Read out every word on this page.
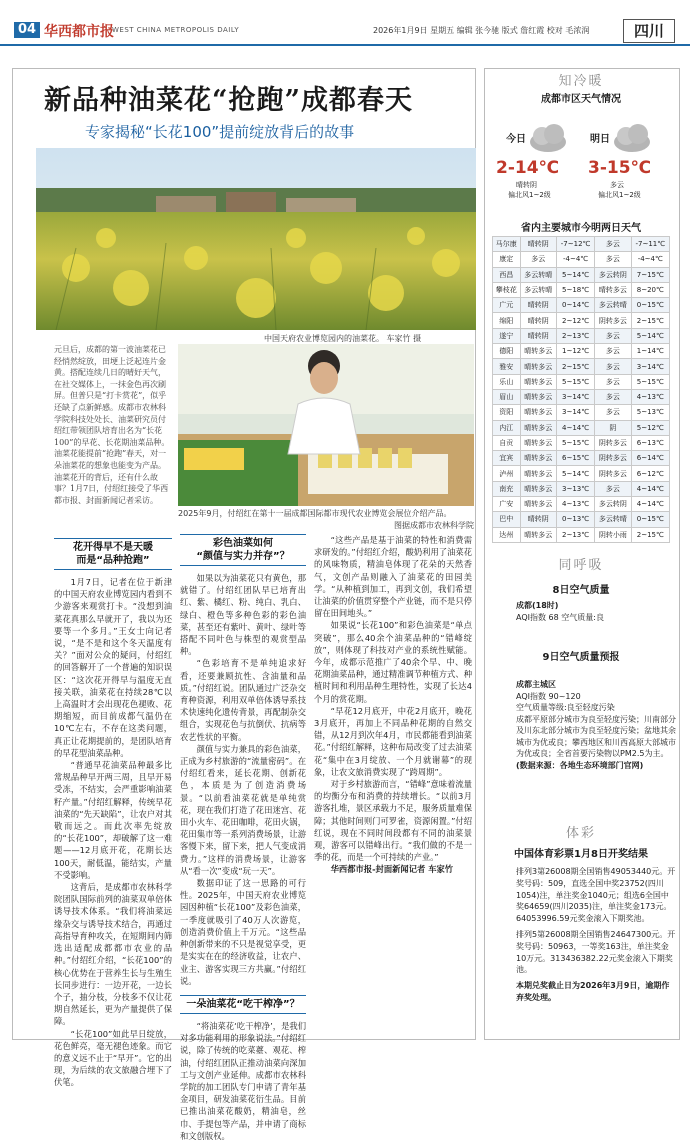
04 华西都市报
WEST CHINA METROPOLIS DAILY	2026年1月9日 星期五 编辑 张今驰 版式 詹红霞 校对 毛浓润	四川
新品种油菜花“抢跑”成都春天
专家揭秘“长花100”提前绽放背后的故事
中国天府农业博览园内的油菜花。 车家竹 摄
2025年9月，付绍红在第十一届成都国际都市现代农业博览会展位介绍产品。
图据成都市农林科学院
元旦后，成都的第一波油菜花已经悄然绽放，田埂上泛起连片金黄。搭配连续几日的晴好天气，在社交媒体上，一抹金色再次刷屏。但普只是“打卡赏花”，似乎还缺了点新鲜感。成都市农林科学院科技处处长、油菜研究员付绍红带领团队培育出名为“长花100”的早花、长花期油菜品种。油菜花能提前“抢跑”春天，对一朵油菜花的想象也能变为产品。油菜花开的背后，还有什么故事？1月7日，付绍红接受了华西都市报、封面新闻记者采访。
花开得早不是天暖
而是“品种抢跑”

1月7日，记者在位于新津的中国天府农业博览园内看到不少游客来观赏打卡。“没想到油菜花真那么早就开了，我以为还要等一个多月。”王女士向记者说，“是不是和这个冬天温度有关？”面对公众的疑问，付绍红的回答解开了一个普遍的知识误区：“这次花开得早与温度无直接关联，油菜花在持续28℃以上高温时才会出现花色褪败、花期缩短，而目前成都气温仍在10℃左右，不存在这类问题，真正让花期提前的，是团队培育的早花型油菜品种。

“普通早花油菜品种最多比常规品种早开两三周，且早开易受冻，不结实，会严重影响油菜籽产量。”付绍红解释，传统早花油菜的“先天缺陷”，让农户对其敬而远之。而此次率先绽放的“长花100”，却破解了这一难题——12月底开花，花期长达100天，耐低温，能结实，产量不受影响。

这背后，是成都市农林科学院团队国际前列的油菜双单倍体诱导技术体系。“我们将油菜远缘杂交与诱导技术结合，再通过高指导育种攻关，在短期间内筛选出适配成都都市农业的品种。”付绍红介绍，“长花100”的核心优势在于营养生长与生殖生长同步进行：一边开花，一边长个子，抽分枝，分枝多不仅让花期自然延长，更为产量提供了保障。

“长花100”如此早日绽放，花色鲜亮，毫无褪色迹象。而它的意义远不止于“早开”。它的出现，为后续的农文旅融合埋下了伏笔。

彩色油菜如何
“颜值与实力并存”？

如果以为油菜花只有黄色，那就错了。付绍红团队早已培育出红、紫、橘红、粉、纯白、乳白、绿白、橙色等多种色彩的彩色油菜，甚至还有紫叶、黄叶、绿叶等搭配不同叶色与株型的观赏型品种。

“色彩培育不是单纯追求好看，还要兼顾抗性、含油量和品质。”付绍红说。团队通过广泛杂交育种资源，利用双单倍体诱导系技术快速纯化遗传背景，再配制杂交组合，实现花色与抗倒伏、抗病等农艺性状的平衡。

颜值与实力兼具的彩色油菜，正成为乡村旅游的“流量密码”。在付绍红看来，延长花期、创新花色，本质是为了创造消费场景。“以前看油菜花就是单纯赏花，现在我们打造了花田迷宫、花田小火车、花田咖啡，花田火锅，花田集市等一系列消费场景，让游客慢下来，留下来，把人气变成消费力。”这样的消费场景，让游客从“看一次”变成“玩一天”。

数据印证了这一思路的可行性。2025年，中国天府农业博览园因种植“长花100”及彩色油菜，一季度就吸引了40万人次游览，创造消费价值上千万元。“这些品种创新带来的不只是视觉享受，更是实实在在的经济收益，让农户、业主、游客实现三方共赢。”付绍红说。

一朵油菜花“吃干榨净”？

“将油菜花‘吃干榨净’，是我们对多功能利用的形象说法。”付绍红说，除了传统的吃菜薹、观花、榨油，付绍红团队正推动油菜向深加工与文创产业延伸。成都市农林科学院的加工团队专门申请了青年基金项目，研发油菜花衍生品。目前已推出油菜花酸奶，精油皂，丝巾、手提包等产品，并申请了商标和文创版权。

“这些产品是基于油菜的特性和消费需求研发的。”付绍红介绍，酸奶利用了油菜花的风味物质，精油皂体现了花朵的天然香气，文创产品则融入了油菜花的田园美学。“从种植到加工，再到文创，我们希望让油菜的价值贯穿整个产业链，而不是只停留在田间地头。”

如果说“长花100”和彩色油菜是“单点突破”，那么40余个油菜品种的“错峰绽放”，则体现了科技对产业的系统性赋能。今年，成都示范推广了40余个早、中、晚花期油菜品种，通过精准调节种植方式、种植时间和利用品种生理特性，实现了长达4个月的赏花期。

“早花12月底开，中花2月底开，晚花3月底开，再加上不同品种花期的自然交错，从12月到次年4月，市民都能看到油菜花。”付绍红解释，这种布局改变了过去油菜花“集中在3月绽放、一个月就谢幕”的现象，让农文旅消费实现了“跨周期”。

对于乡村旅游而言，“错峰”意味着流量的均衡分布和消费的持续增长。“以前3月游客扎堆，景区承载力不足，服务质量难保障；其他时间则门可罗雀，资源闲置。”付绍红说，现在不同时间段都有不同的油菜景观，游客可以错峰出行。“我们做的不是一季的花，而是一个可持续的产业。”

华西都市报-封面新闻记者 车家竹

知冷暖
成都市区天气情况
今日
2-14℃
晴转阴
偏北风1~2级
明日
3-15℃
多云
偏北风1~2级
省内主要城市今明两日天气
马尔康	晴转阴	-7~12℃	多云	-7~11℃
康定	多云	-4~4℃	多云	-4~4℃
西昌	多云转晴	5~14℃	多云转阴	7~15℃
攀枝花	多云转晴	5~18℃	晴转多云	8~20℃
广元	晴转阴	0~14℃	多云转晴	0~15℃
绵阳	晴转阴	2~12℃	阴转多云	2~15℃
遂宁	晴转阴	2~13℃	多云	5~14℃
德阳	晴转多云	1~12℃	多云	1~14℃
雅安	晴转多云	2~15℃	多云	3~14℃
乐山	晴转多云	5~15℃	多云	5~15℃
眉山	晴转多云	3~14℃	多云	4~13℃
资阳	晴转多云	3~14℃	多云	5~13℃
内江	晴转多云	4~14℃	阴	5~12℃
自贡	晴转多云	5~15℃	阴转多云	6~13℃
宜宾	晴转多云	6~15℃	阴转多云	6~14℃
泸州	晴转多云	5~14℃	阴转多云	6~12℃
南充	晴转多云	3~13℃	多云	4~14℃
广安	晴转多云	4~13℃	多云转阴	4~14℃
巴中	晴转阴	0~13℃	多云转晴	0~15℃
达州	晴转多云	2~13℃	阴转小雨	2~15℃
同呼吸
8日空气质量
成都(18时)
AQI指数 68 空气质量:良
9日空气质量预报
成都主城区
AQI指数 90~120
空气质量等级:良至轻度污染
成都平原部分城市为良至轻度污染；川南部分及川东北部分城市为良至轻度污染；盆地其余城市为优或良；攀西地区和川西高原大部城市为优或良；全省首要污染物以PM2.5为主。
(数据来源：各地生态环境部门官网)
体彩
中国体育彩票1月8日开奖结果

排列3第26008期全国销售49053440元。开奖号码：509，直选全国中奖23752(四川1054)注，单注奖金1040元；组选6全国中奖64659(四川2035)注，单注奖金173元。64053996.59元奖金滚入下期奖池。

排列5第26008期全国销售24647300元。开奖号码：50963，一等奖163注，单注奖金10万元。313436382.22元奖金滚入下期奖池。

本期兑奖截止日为2026年3月9日，逾期作弃奖处理。
